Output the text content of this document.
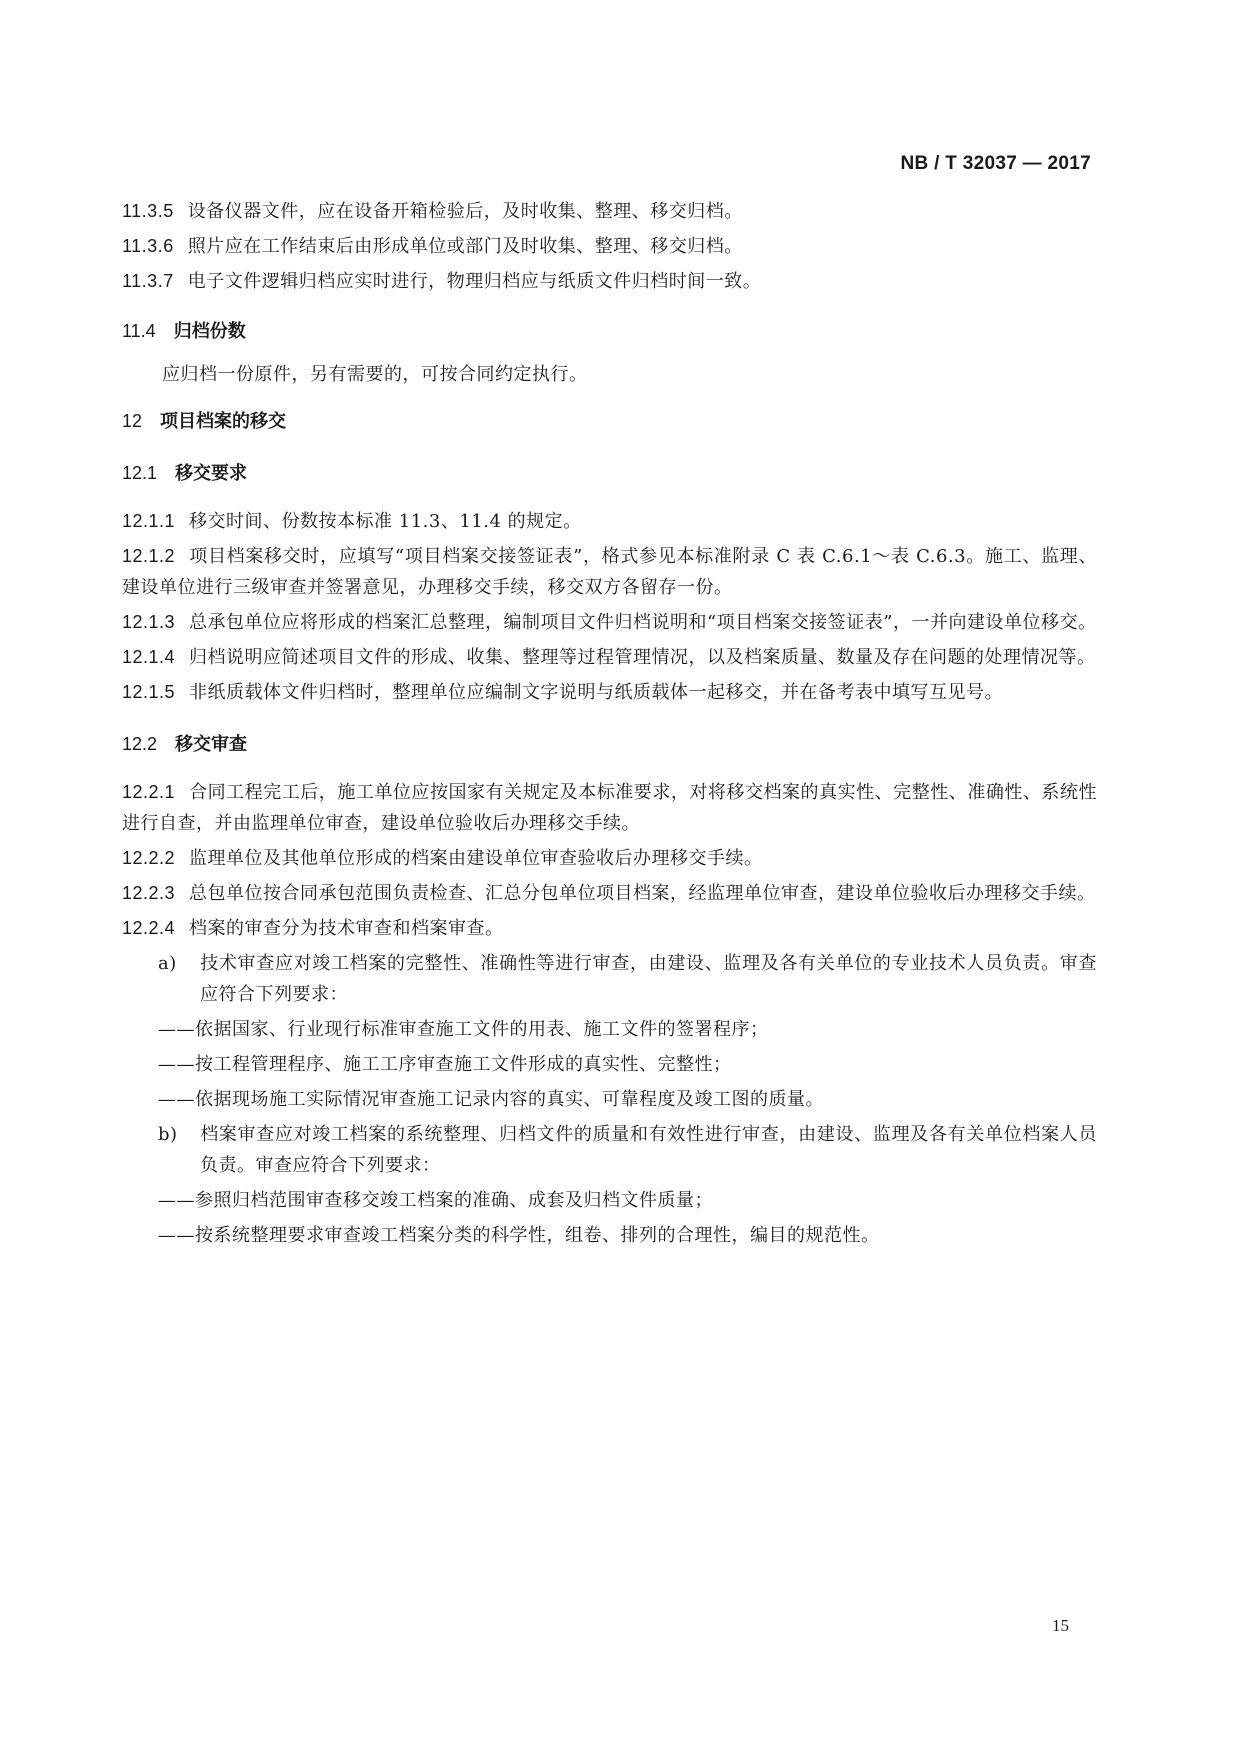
NB / T 32037 — 2017
11.3.5 设备仪器文件，应在设备开箱检验后，及时收集、整理、移交归档。
11.3.6 照片应在工作结束后由形成单位或部门及时收集、整理、移交归档。
11.3.7 电子文件逻辑归档应实时进行，物理归档应与纸质文件归档时间一致。
11.4 归档份数
应归档一份原件，另有需要的，可按合同约定执行。
12 项目档案的移交
12.1 移交要求
12.1.1 移交时间、份数按本标准 11.3、11.4 的规定。
12.1.2 项目档案移交时，应填写“项目档案交接签证表”，格式参见本标准附录 C 表 C.6.1～表 C.6.3。施工、监理、建设单位进行三级审查并签署意见，办理移交手续，移交双方各留存一份。
12.1.3 总承包单位应将形成的档案汇总整理，编制项目文件归档说明和“项目档案交接签证表”，一并向建设单位移交。
12.1.4 归档说明应简述项目文件的形成、收集、整理等过程管理情况，以及档案质量、数量及存在问题的处理情况等。
12.1.5 非纸质载体文件归档时，整理单位应编制文字说明与纸质载体一起移交，并在备考表中填写互见号。
12.2 移交审查
12.2.1 合同工程完工后，施工单位应按国家有关规定及本标准要求，对将移交档案的真实性、完整性、准确性、系统性进行自查，并由监理单位审查，建设单位验收后办理移交手续。
12.2.2 监理单位及其他单位形成的档案由建设单位审查验收后办理移交手续。
12.2.3 总包单位按合同承包范围负责检查、汇总分包单位项目档案，经监理单位审查，建设单位验收后办理移交手续。
12.2.4 档案的审查分为技术审查和档案审查。
a) 技术审查应对竣工档案的完整性、准确性等进行审查，由建设、监理及各有关单位的专业技术人员负责。审查应符合下列要求：
——依据国家、行业现行标准审查施工文件的用表、施工文件的签署程序；
——按工程管理程序、施工工序审查施工文件形成的真实性、完整性；
——依据现场施工实际情况审查施工记录内容的真实、可靠程度及竣工图的质量。
b) 档案审查应对竣工档案的系统整理、归档文件的质量和有效性进行审查，由建设、监理及各有关单位档案人员负责。审查应符合下列要求：
——参照归档范围审查移交竣工档案的准确、成套及归档文件质量；
——按系统整理要求审查竣工档案分类的科学性，组卷、排列的合理性，编目的规范性。
15
